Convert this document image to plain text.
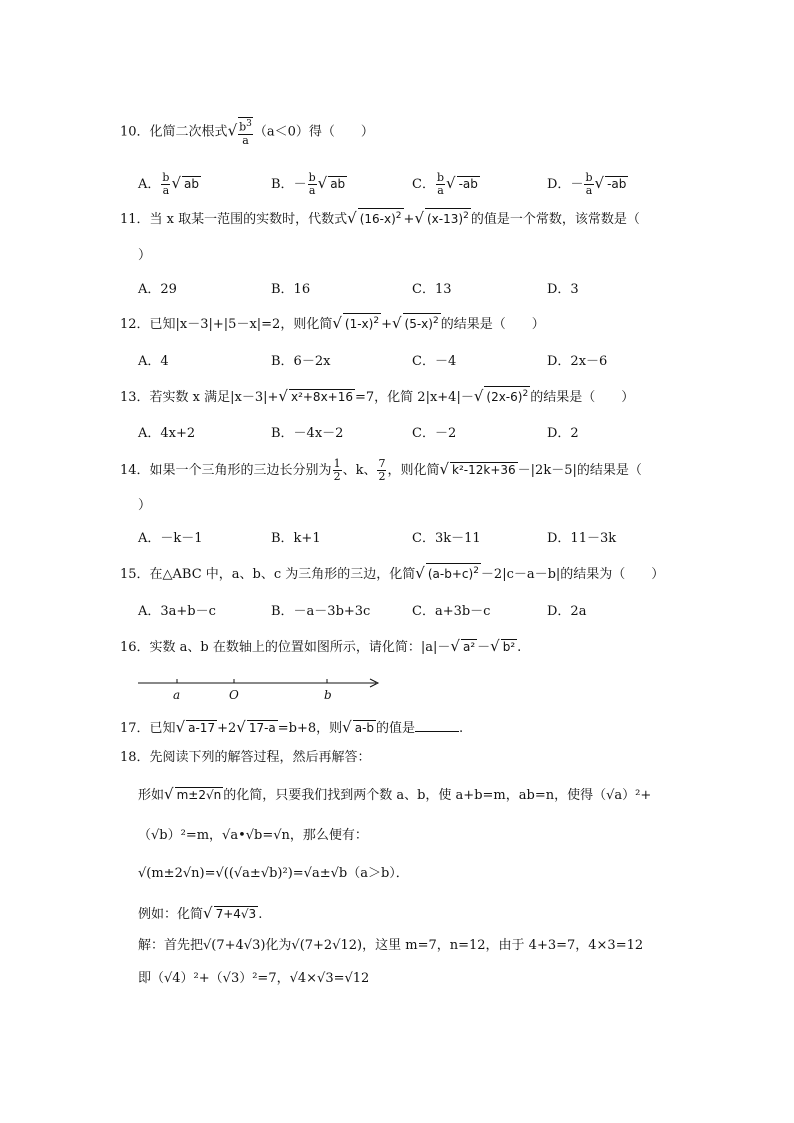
10．化简二次根式√ $\frac{b^3}{a} (a<0)$得（　　）
A． $\frac{b}{a}$ √ ab	B．－ $\frac{b}{a}$ √ ab	C． $\frac{b}{a}$ √ -ab	D．－ $\frac{b}{a}$ √ -ab
11．当 x 取某一范围的实数时，代数式√ $(16-x)^2$ +√ $(x-13)^2$ 的值是一个常数，该常数是（
）
A．29	B．16	C．13	D．3
12．已知|x－3|+|5－x|=2，则化简√ $(1-x)^2$ +√ $(5-x)^2$ 的结果是（　　）
A．4	B．6－2x	C．－4	D．2x－6
13．若实数 x 满足|x－3|+√ x²+8x+16 =7，化简 2|x+4|－√ $(2x-6)^2$ 的结果是（　　）
A．4x+2	B．－4x－2	C．－2	D．2
14．如果一个三角形的三边长分别为 $\frac{1}{2}$ 、k、 $\frac{7}{2}$ ，则化简√ k²-12k+36 －|2k－5|的结果是（
）
A．－k－1	B．k+1	C．3k－11	D．11－3k
15．在△ABC 中，a、b、c 为三角形的三边，化简√ $(a-b+c)^2 -2|c-a-b|$的结果为（　　）
A．3a+b－c	B．－a－3b+3c	C．a+3b－c	D．2a
16．实数 a、b 在数轴上的位置如图所示，请化简：|a|－√ a² －√ b² .
a	O	b
17．已知√ a-17 +2√ 17-a =b+8，则√ a-b 的值是	.
18．先阅读下列的解答过程，然后再解答：
形如√ m±2√n 的化简，只要我们找到两个数 a、b，使 a+b=m，ab=n，使得（√a）²+
（√b）²=m，√a•√b=√n，那么便有：
√(m±2√n)=√((√a±√b)²)=√a±√b（a＞b）．
例如：化简√ 7+4√3 .
解：首先把√(7+4√3)化为√(7+2√12)，这里 m=7，n=12，由于 4+3=7，4×3=12
即（√4）²+（√3）²=7，√4×√3=√12
